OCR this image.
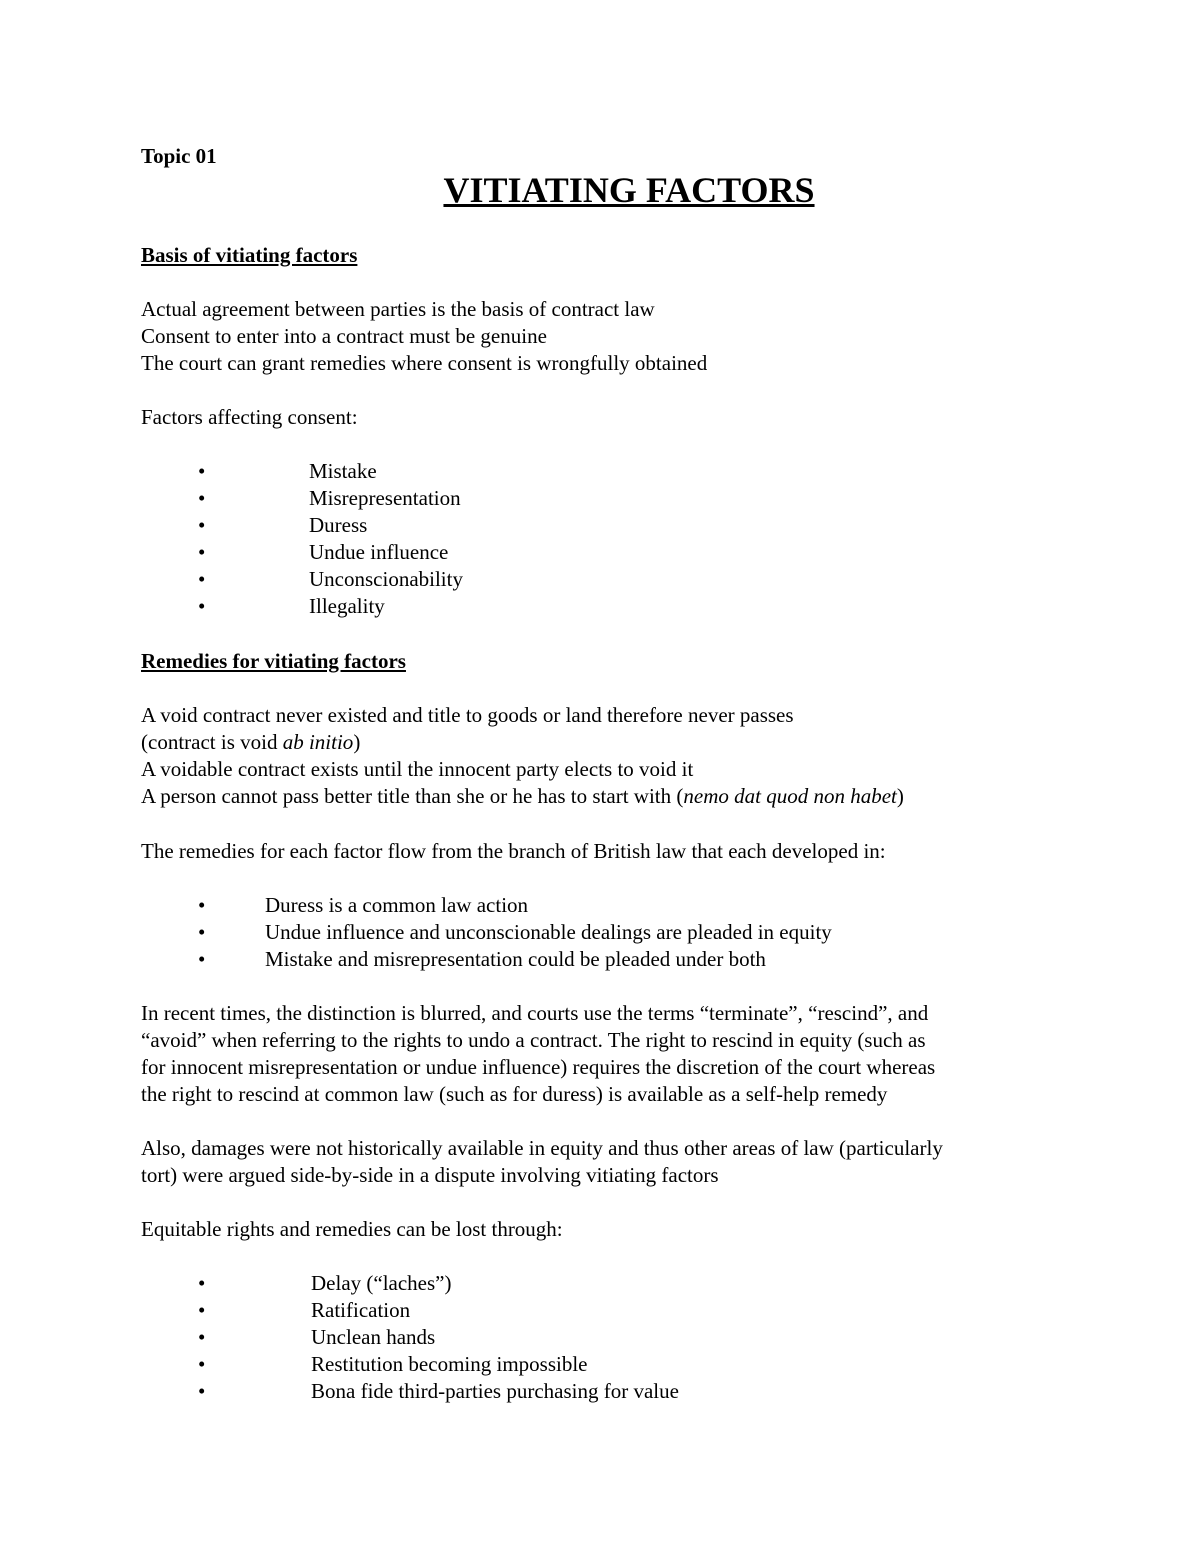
Topic 01
VITIATING FACTORS
Basis of vitiating factors
Actual agreement between parties is the basis of contract law
Consent to enter into a contract must be genuine
The court can grant remedies where consent is wrongfully obtained
Factors affecting consent:
•	Mistake
•	Misrepresentation
•	Duress
•	Undue influence
•	Unconscionability
•	Illegality
Remedies for vitiating factors
A void contract never existed and title to goods or land therefore never passes
(contract is void ab initio)
A voidable contract exists until the innocent party elects to void it
A person cannot pass better title than she or he has to start with (nemo dat quod non habet)
The remedies for each factor flow from the branch of British law that each developed in:
•	Duress is a common law action
•	Undue influence and unconscionable dealings are pleaded in equity
•	Mistake and misrepresentation could be pleaded under both
In recent times, the distinction is blurred, and courts use the terms “terminate”, “rescind”, and
“avoid” when referring to the rights to undo a contract. The right to rescind in equity (such as
for innocent misrepresentation or undue influence) requires the discretion of the court whereas
the right to rescind at common law (such as for duress) is available as a self-help remedy
Also, damages were not historically available in equity and thus other areas of law (particularly
tort) were argued side-by-side in a dispute involving vitiating factors
Equitable rights and remedies can be lost through:
•	Delay (“laches”)
•	Ratification
•	Unclean hands
•	Restitution becoming impossible
•	Bona fide third-parties purchasing for value
